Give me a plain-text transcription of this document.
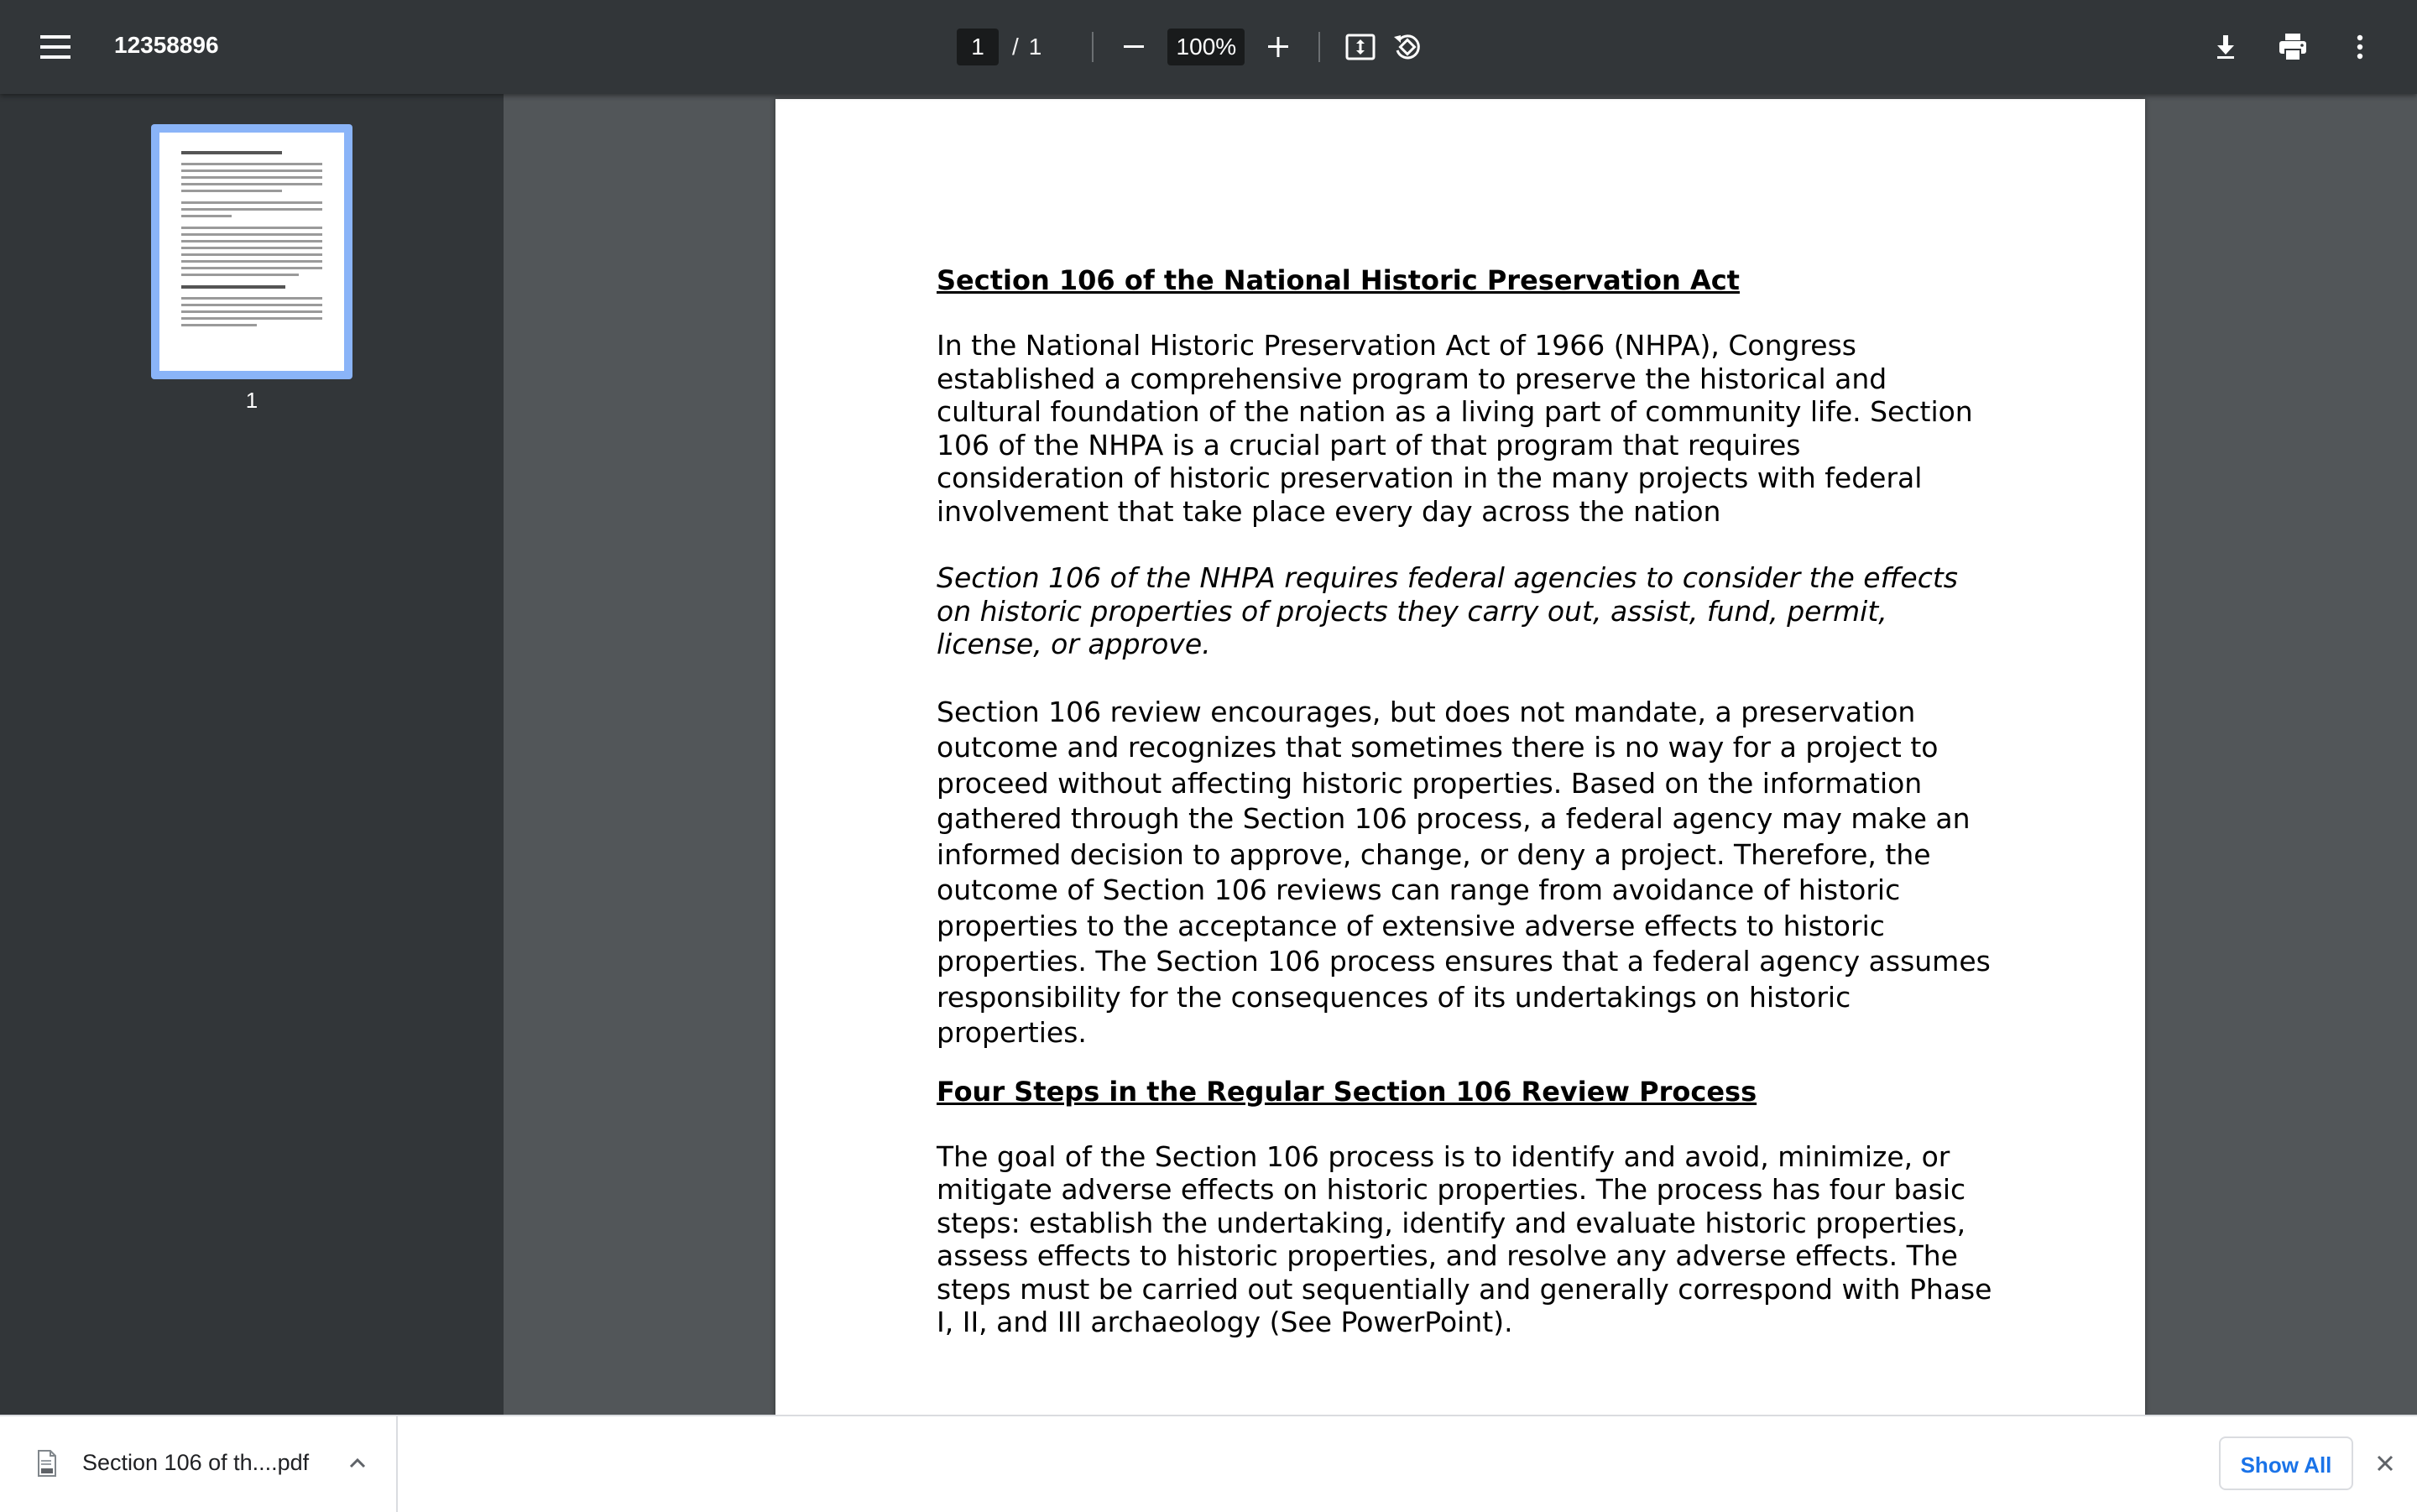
12358896	1	/ 1	100%
1
Section 106 of the National Historic Preservation Act

In the National Historic Preservation Act of 1966 (NHPA), Congress established a comprehensive program to preserve the historical and cultural foundation of the nation as a living part of community life. Section 106 of the NHPA is a crucial part of that program that requires consideration of historic preservation in the many projects with federal involvement that take place every day across the nation

Section 106 of the NHPA requires federal agencies to consider the effects on historic properties of projects they carry out, assist, fund, permit, license, or approve.

Section 106 review encourages, but does not mandate, a preservation outcome and recognizes that sometimes there is no way for a project to proceed without affecting historic properties. Based on the information gathered through the Section 106 process, a federal agency may make an informed decision to approve, change, or deny a project. Therefore, the outcome of Section 106 reviews can range from avoidance of historic properties to the acceptance of extensive adverse effects to historic properties. The Section 106 process ensures that a federal agency assumes responsibility for the consequences of its undertakings on historic properties.

Four Steps in the Regular Section 106 Review Process

The goal of the Section 106 process is to identify and avoid, minimize, or mitigate adverse effects on historic properties. The process has four basic steps: establish the undertaking, identify and evaluate historic properties, assess effects to historic properties, and resolve any adverse effects. The steps must be carried out sequentially and generally correspond with Phase I, II, and III archaeology (See PowerPoint).

Section 106 of th....pdf	Show All
